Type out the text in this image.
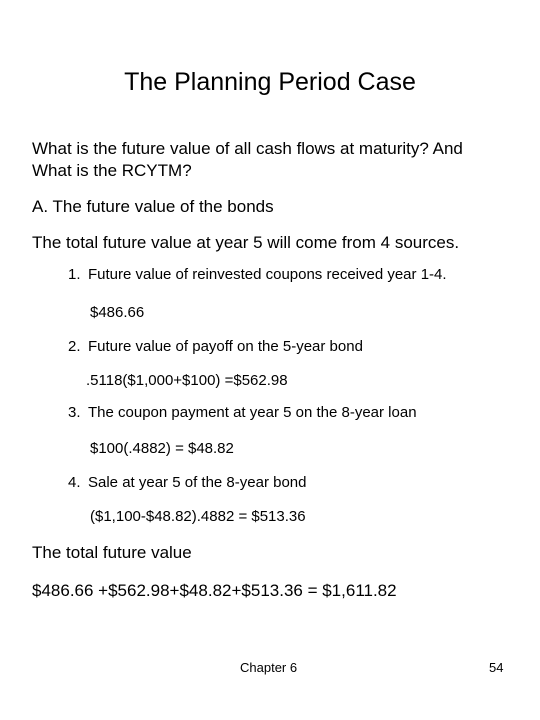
The Planning Period Case
What is the future value of all cash flows at maturity? And
What is the RCYTM?
A. The future value of the bonds
The total future value at year 5 will come from 4 sources.
1. Future value of reinvested coupons received year 1-4.
$486.66
2. Future value of payoff on the 5-year bond
.5118($1,000+$100) =$562.98
3. The coupon payment at year 5 on the 8-year loan
$100(.4882) = $48.82
4. Sale at year 5 of the 8-year bond
($1,100-$48.82).4882 = $513.36
The total future value
$486.66 +$562.98+$48.82+$513.36 = $1,611.82
Chapter 6	54
